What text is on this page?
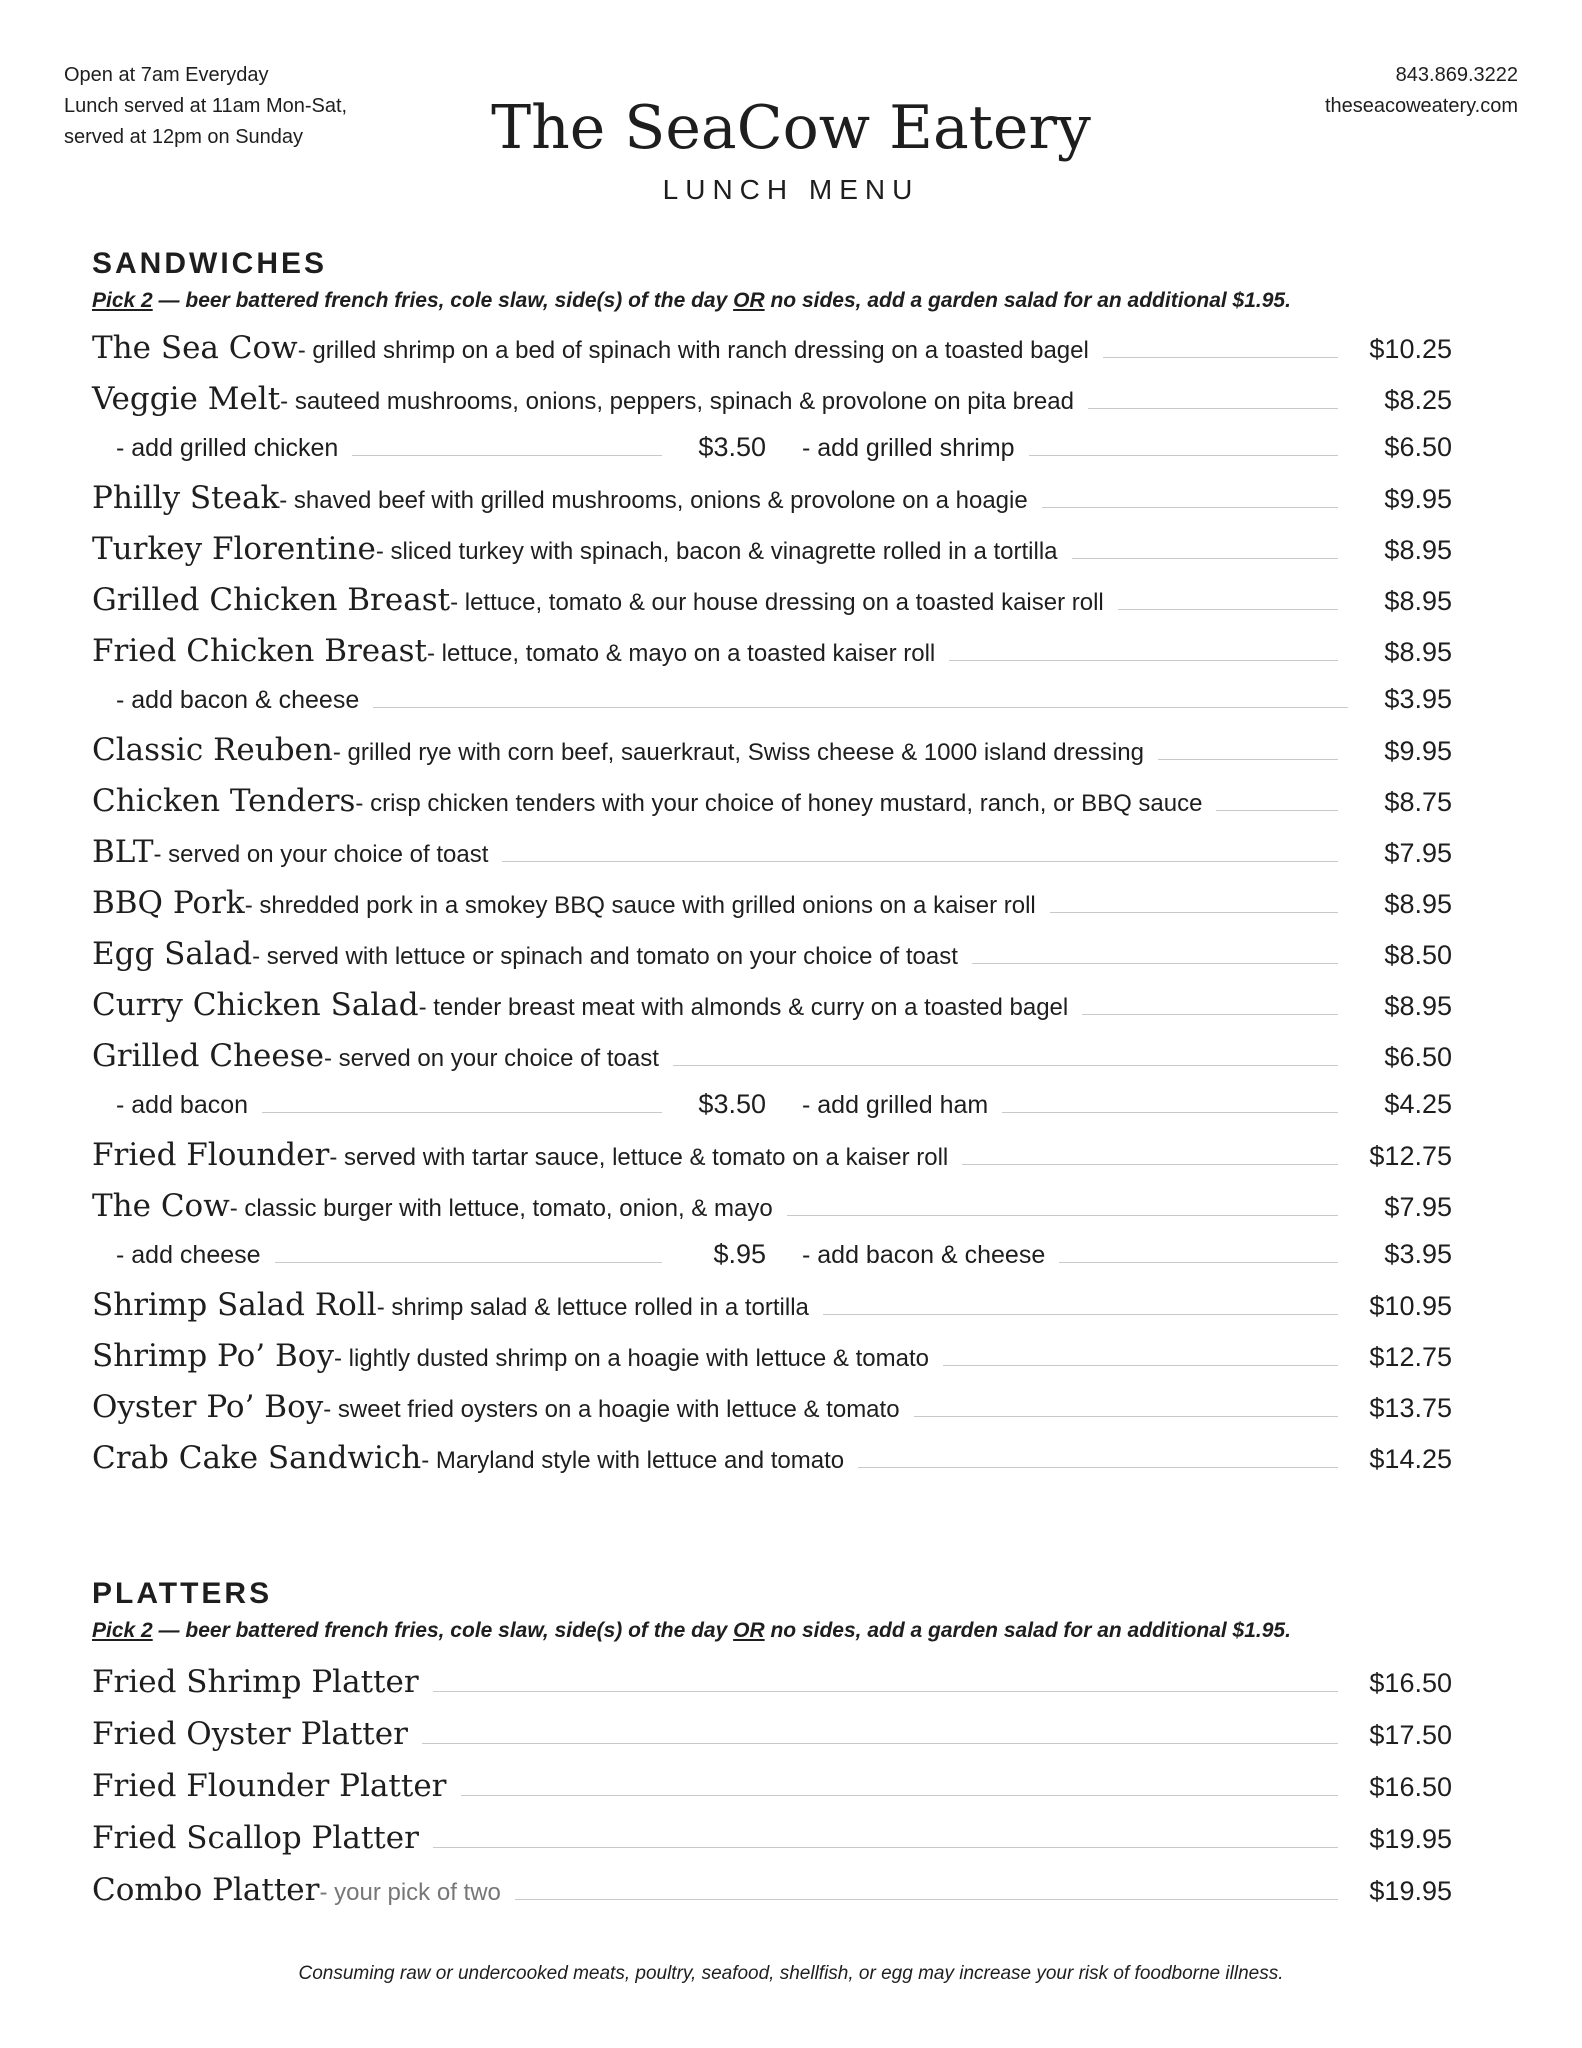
Open at 7am Everyday
Lunch served at 11am Mon-Sat,
served at 12pm on Sunday
843.869.3222
theseacoweatery.com
The SeaCow Eatery
LUNCH MENU
SANDWICHES

Pick 2 — beer battered french fries, cole slaw, side(s) of the day OR no sides, add a garden salad for an additional $1.95.

The Sea Cow - grilled shrimp on a bed of spinach with ranch dressing on a toasted bagel	$10.25
Veggie Melt - sauteed mushrooms, onions, peppers, spinach & provolone on pita bread	$8.25
- add grilled chicken	$3.50 - add grilled shrimp	$6.50
Philly Steak - shaved beef with grilled mushrooms, onions & provolone on a hoagie	$9.95
Turkey Florentine - sliced turkey with spinach, bacon & vinagrette rolled in a tortilla	$8.95
Grilled Chicken Breast - lettuce, tomato & our house dressing on a toasted kaiser roll	$8.95
Fried Chicken Breast - lettuce, tomato & mayo on a toasted kaiser roll	$8.95
- add bacon & cheese	$3.95
Classic Reuben - grilled rye with corn beef, sauerkraut, Swiss cheese & 1000 island dressing	$9.95
Chicken Tenders - crisp chicken tenders with your choice of honey mustard, ranch, or BBQ sauce	$8.75
BLT - served on your choice of toast	$7.95
BBQ Pork - shredded pork in a smokey BBQ sauce with grilled onions on a kaiser roll	$8.95
Egg Salad - served with lettuce or spinach and tomato on your choice of toast	$8.50
Curry Chicken Salad - tender breast meat with almonds & curry on a toasted bagel	$8.95
Grilled Cheese - served on your choice of toast	$6.50
- add bacon	$3.50 - add grilled ham	$4.25
Fried Flounder - served with tartar sauce, lettuce & tomato on a kaiser roll	$12.75
The Cow - classic burger with lettuce, tomato, onion, & mayo	$7.95
- add cheese	$.95 - add bacon & cheese	$3.95
Shrimp Salad Roll - shrimp salad & lettuce rolled in a tortilla	$10.95
Shrimp Po’ Boy - lightly dusted shrimp on a hoagie with lettuce & tomato	$12.75
Oyster Po’ Boy - sweet fried oysters on a hoagie with lettuce & tomato	$13.75
Crab Cake Sandwich - Maryland style with lettuce and tomato	$14.25
PLATTERS

Pick 2 — beer battered french fries, cole slaw, side(s) of the day OR no sides, add a garden salad for an additional $1.95.

Fried Shrimp Platter	$16.50
Fried Oyster Platter	$17.50
Fried Flounder Platter	$16.50
Fried Scallop Platter	$19.95
Combo Platter - your pick of two	$19.95
Consuming raw or undercooked meats, poultry, seafood, shellfish, or egg may increase your risk of foodborne illness.
